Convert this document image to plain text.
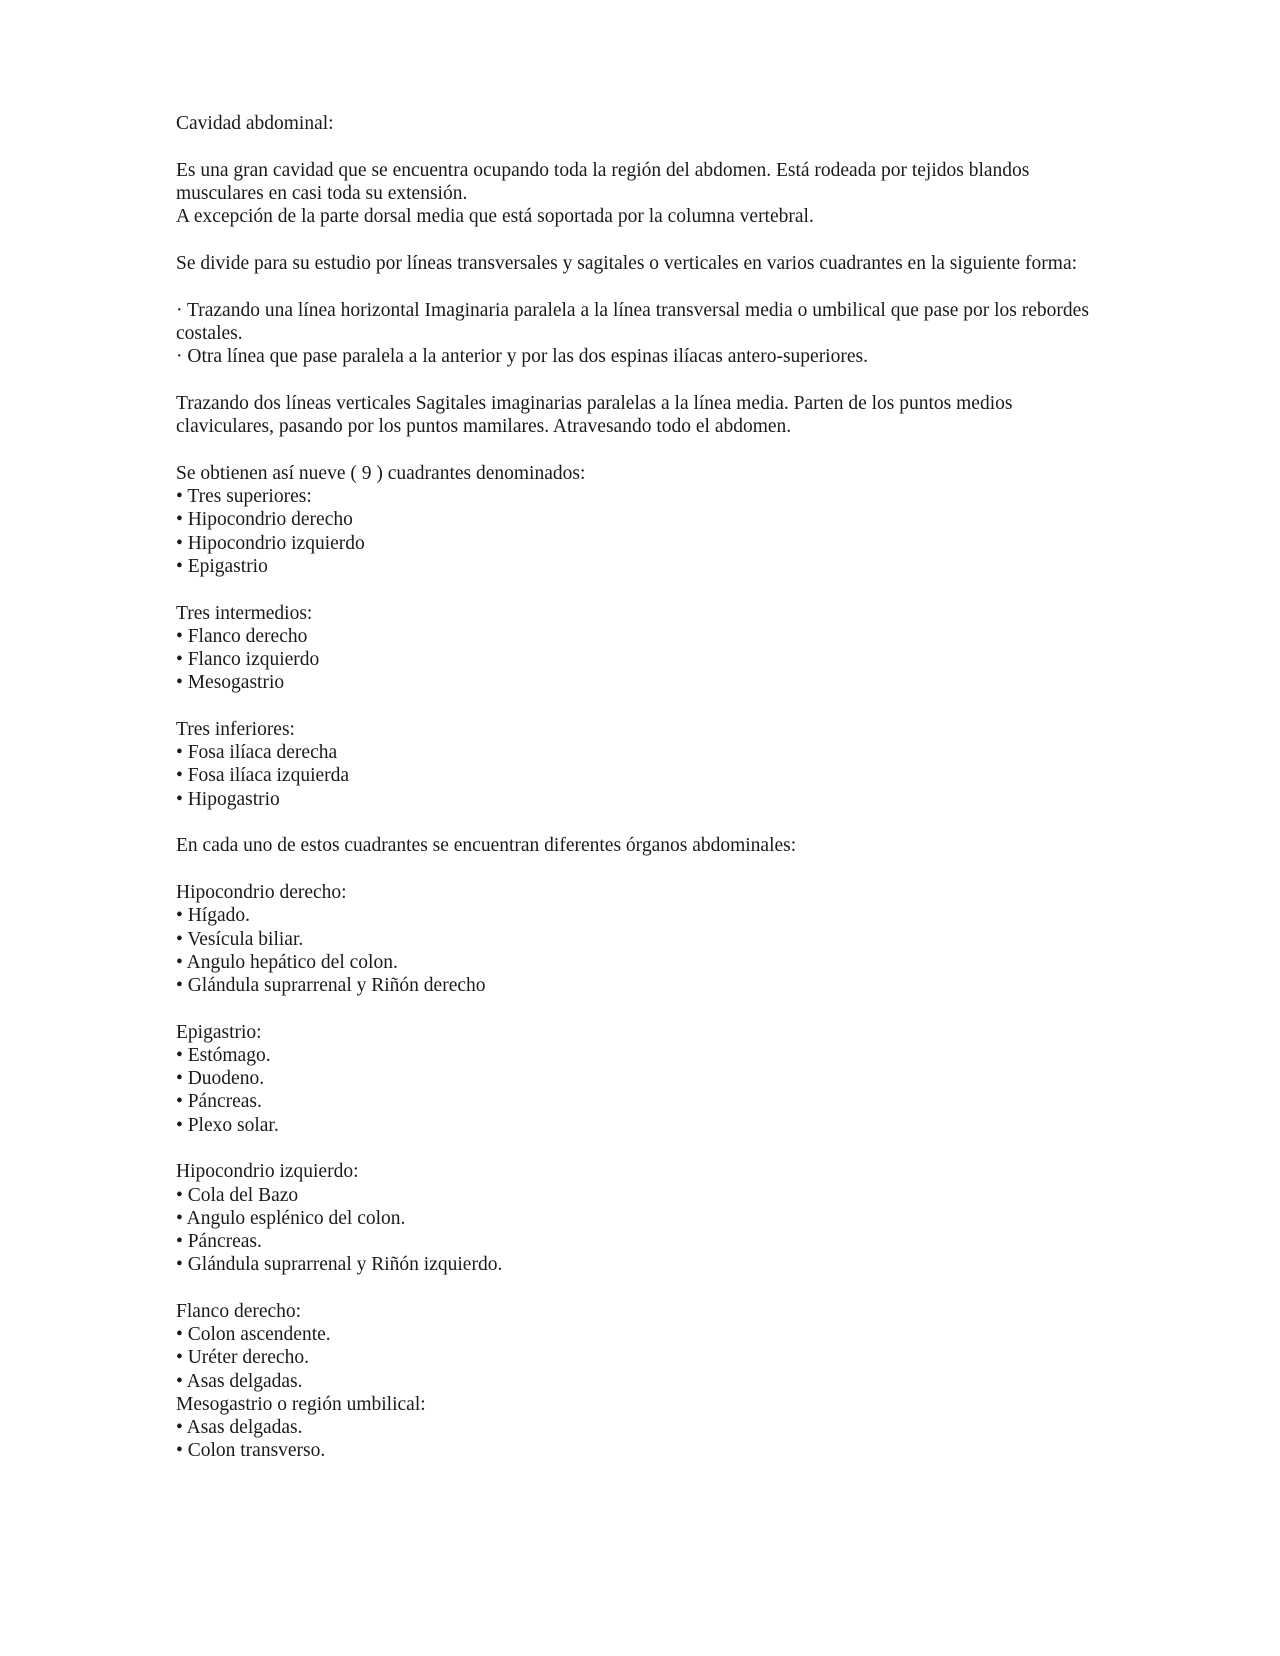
Cavidad abdominal:
Es una gran cavidad que se encuentra ocupando toda la región del abdomen. Está rodeada por tejidos blandos
musculares en casi toda su extensión.
A excepción de la parte dorsal media que está soportada por la columna vertebral.
Se divide para su estudio por líneas transversales y sagitales o verticales en varios cuadrantes en la siguiente forma:
· Trazando una línea horizontal Imaginaria paralela a la línea transversal media o umbilical que pase por los rebordes
costales.
· Otra línea que pase paralela a la anterior y por las dos espinas ilíacas antero-superiores.
Trazando dos líneas verticales Sagitales imaginarias paralelas a la línea media. Parten de los puntos medios
claviculares, pasando por los puntos mamilares. Atravesando todo el abdomen.
Se obtienen así nueve ( 9 ) cuadrantes denominados:
• Tres superiores:
• Hipocondrio derecho
• Hipocondrio izquierdo
• Epigastrio
Tres intermedios:
• Flanco derecho
• Flanco izquierdo
• Mesogastrio
Tres inferiores:
• Fosa ilíaca derecha
• Fosa ilíaca izquierda
• Hipogastrio
En cada uno de estos cuadrantes se encuentran diferentes órganos abdominales:
Hipocondrio derecho:
• Hígado.
• Vesícula biliar.
• Angulo hepático del colon.
• Glándula suprarrenal y Riñón derecho
Epigastrio:
• Estómago.
• Duodeno.
• Páncreas.
• Plexo solar.
Hipocondrio izquierdo:
• Cola del Bazo
• Angulo esplénico del colon.
• Páncreas.
• Glándula suprarrenal y Riñón izquierdo.
Flanco derecho:
• Colon ascendente.
• Uréter derecho.
• Asas delgadas.
Mesogastrio o región umbilical:
• Asas delgadas.
• Colon transverso.
